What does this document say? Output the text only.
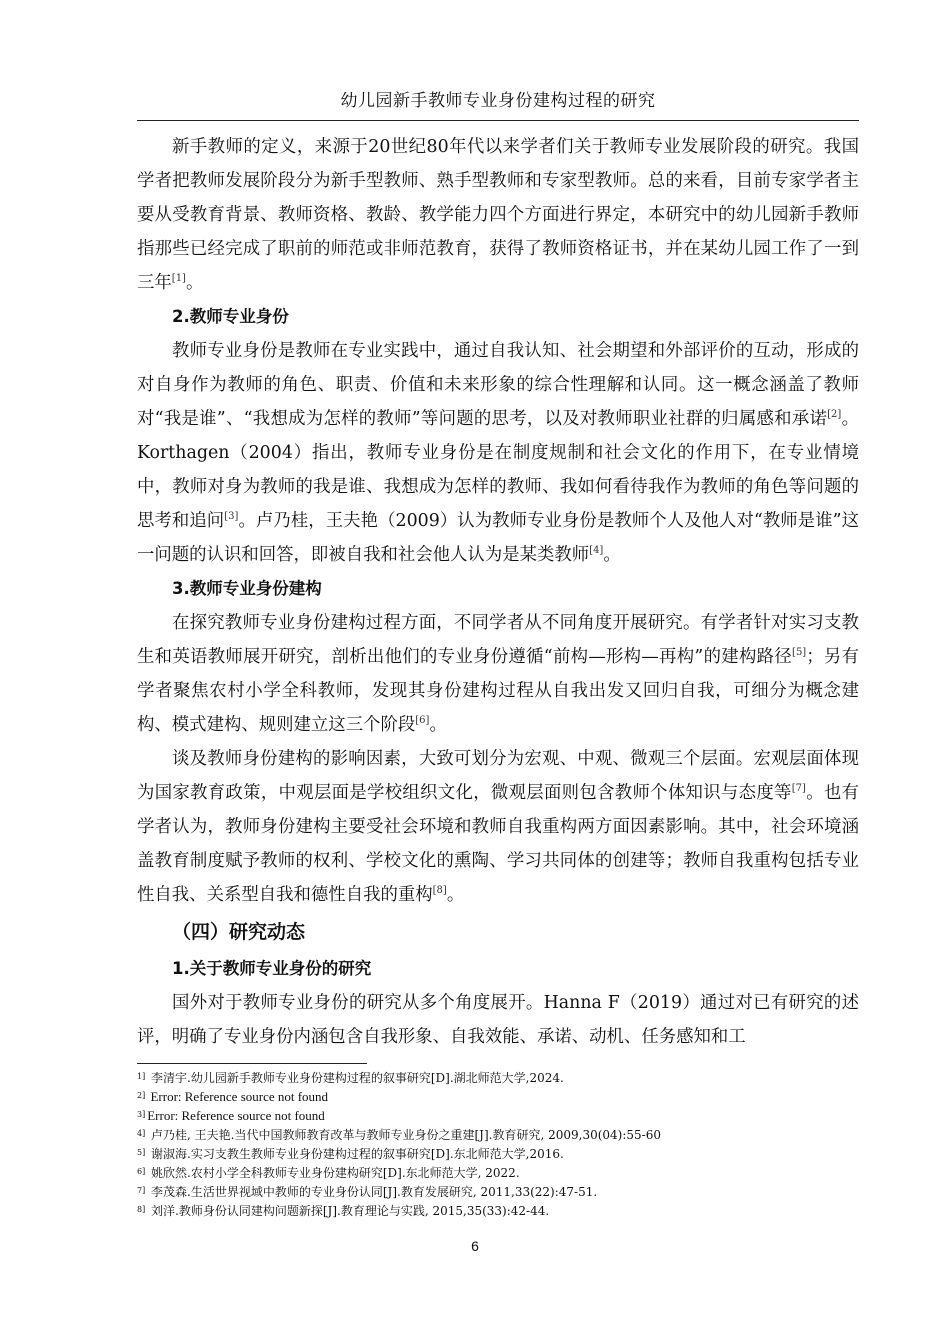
幼儿园新手教师专业身份建构过程的研究

新手教师的定义，来源于20世纪80年代以来学者们关于教师专业发展阶段的研究。我国学者把教师发展阶段分为新手型教师、熟手型教师和专家型教师。总的来看，目前专家学者主要从受教育背景、教师资格、教龄、教学能力四个方面进行界定，本研究中的幼儿园新手教师指那些已经完成了职前的师范或非师范教育，获得了教师资格证书，并在某幼儿园工作了一到三年[1]。

2.教师专业身份

教师专业身份是教师在专业实践中，通过自我认知、社会期望和外部评价的互动，形成的对自身作为教师的角色、职责、价值和未来形象的综合性理解和认同。这一概念涵盖了教师对“我是谁”、“我想成为怎样的教师”等问题的思考，以及对教师职业社群的归属感和承诺[2]。Korthagen（2004）指出，教师专业身份是在制度规制和社会文化的作用下，在专业情境中，教师对身为教师的我是谁、我想成为怎样的教师、我如何看待我作为教师的角色等问题的思考和追问[3]。卢乃桂，王夫艳（2009）认为教师专业身份是教师个人及他人对“教师是谁”这一问题的认识和回答，即被自我和社会他人认为是某类教师[4]。

3.教师专业身份建构

在探究教师专业身份建构过程方面，不同学者从不同角度开展研究。有学者针对实习支教生和英语教师展开研究，剖析出他们的专业身份遵循“前构—形构—再构”的建构路径[5]；另有学者聚焦农村小学全科教师，发现其身份建构过程从自我出发又回归自我，可细分为概念建构、模式建构、规则建立这三个阶段[6]。

谈及教师身份建构的影响因素，大致可划分为宏观、中观、微观三个层面。宏观层面体现为国家教育政策，中观层面是学校组织文化，微观层面则包含教师个体知识与态度等[7]。也有学者认为，教师身份建构主要受社会环境和教师自我重构两方面因素影响。其中，社会环境涵盖教育制度赋予教师的权利、学校文化的熏陶、学习共同体的创建等；教师自我重构包括专业性自我、关系型自我和德性自我的重构[8]。

（四）研究动态

1.关于教师专业身份的研究

国外对于教师专业身份的研究从多个角度展开。Hanna F（2019）通过对已有研究的述评，明确了专业身份内涵包含自我形象、自我效能、承诺、动机、任务感知和工

$^{1]}$ 李清宇.幼儿园新手教师专业身份建构过程的叙事研究[D].湖北师范大学,2024.

$^{2]}$ Error: Reference source not found

$^{3]}$ Error: Reference source not found

$^{4]}$ 卢乃桂, 王夫艳.当代中国教师教育改革与教师专业身份之重建[J].教育研究, 2009,30(04):55-60

$^{5]}$ 谢淑海.实习支教生教师专业身份建构过程的叙事研究[D].东北师范大学,2016.

$^{6]}$ 姚欣然.农村小学全科教师专业身份建构研究[D].东北师范大学, 2022.

$^{7]}$ 李茂森.生活世界视域中教师的专业身份认同[J].教育发展研究, 2011,33(22):47-51.

$^{8]}$ 刘洋.教师身份认同建构问题新探[J].教育理论与实践, 2015,35(33):42-44.

6
